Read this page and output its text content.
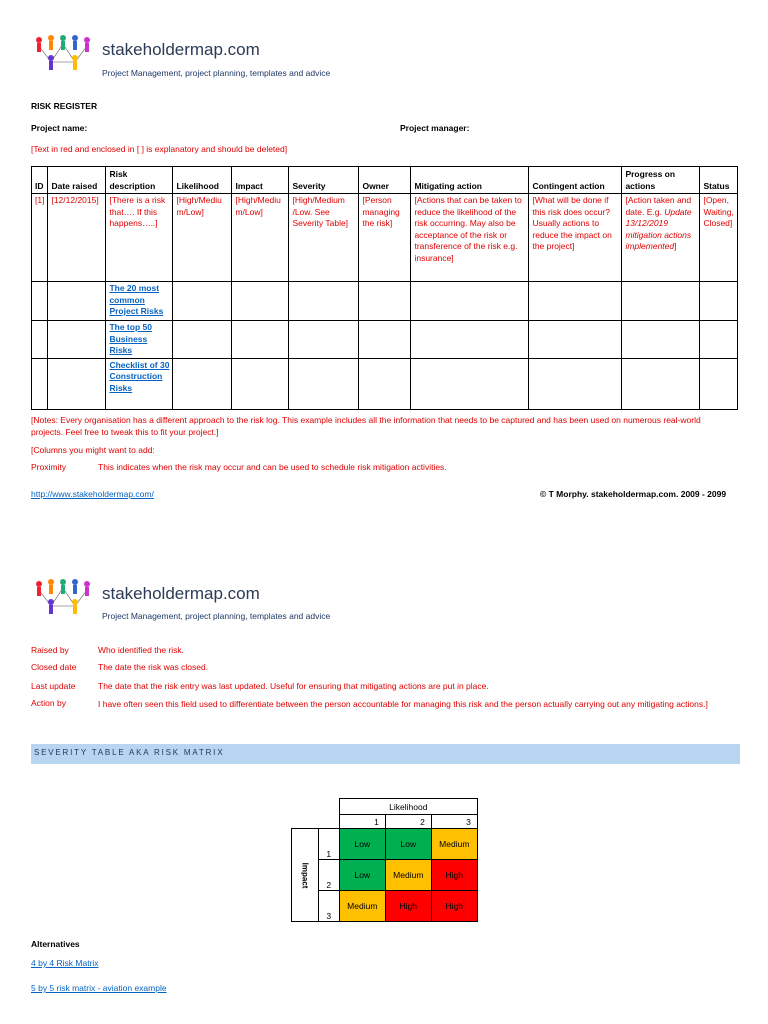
stakeholdermap.com
Project Management, project planning, templates and advice
RISK REGISTER
Project name:	Project manager:
[Text in red and enclosed in [ ] is explanatory and should be deleted]
ID	Date raised	Risk description	Likelihood	Impact	Severity	Owner	Mitigating action	Contingent action	Progress on actions	Status
[1]	[12/12/2015]	[There is a risk that…. If this happens…..]	[High/Medium/Low]	[High/Medium/Low]	[High/Medium /Low. See Severity Table]	[Person managing the risk]	[Actions that can be taken to reduce the likelihood of the risk occurring. May also be acceptance of the risk or transference of the risk e.g. insurance]	[What will be done if this risk does occur? Usually actions to reduce the impact on the project]	[Action taken and date. E.g. Update 13/12/2019 mitigation actions implemented]	[Open, Waiting, Closed]
		The 20 most common Project Risks								
		The top 50 Business Risks								
		Checklist of 30 Construction Risks								
[Notes: Every organisation has a different approach to the risk log. This example includes all the information that needs to be captured and has been used on numerous real-world projects. Feel free to tweak this to fit your project.]
[Columns you might want to add:
Proximity	This indicates when the risk may occur and can be used to schedule risk mitigation activities.
http://www.stakeholdermap.com/	© T Morphy. stakeholdermap.com. 2009 - 2099
stakeholdermap.com
Project Management, project planning, templates and advice
Raised by	Who identified the risk.
Closed date	The date the risk was closed.
Last update	The date that the risk entry was last updated. Useful for ensuring that mitigating actions are put in place.
Action by	I have often seen this field used to differentiate between the person accountable for managing this risk and the person actually carrying out any mitigating actions.]
SEVERITY TABLE AKA RISK MATRIX
		Likelihood		
		1	2	3

Impact	1	Low	Low	Medium
	2	Low	Medium	High
	3	Medium	High	High
Alternatives
4 by 4 Risk Matrix
5 by 5 risk matrix - aviation example
